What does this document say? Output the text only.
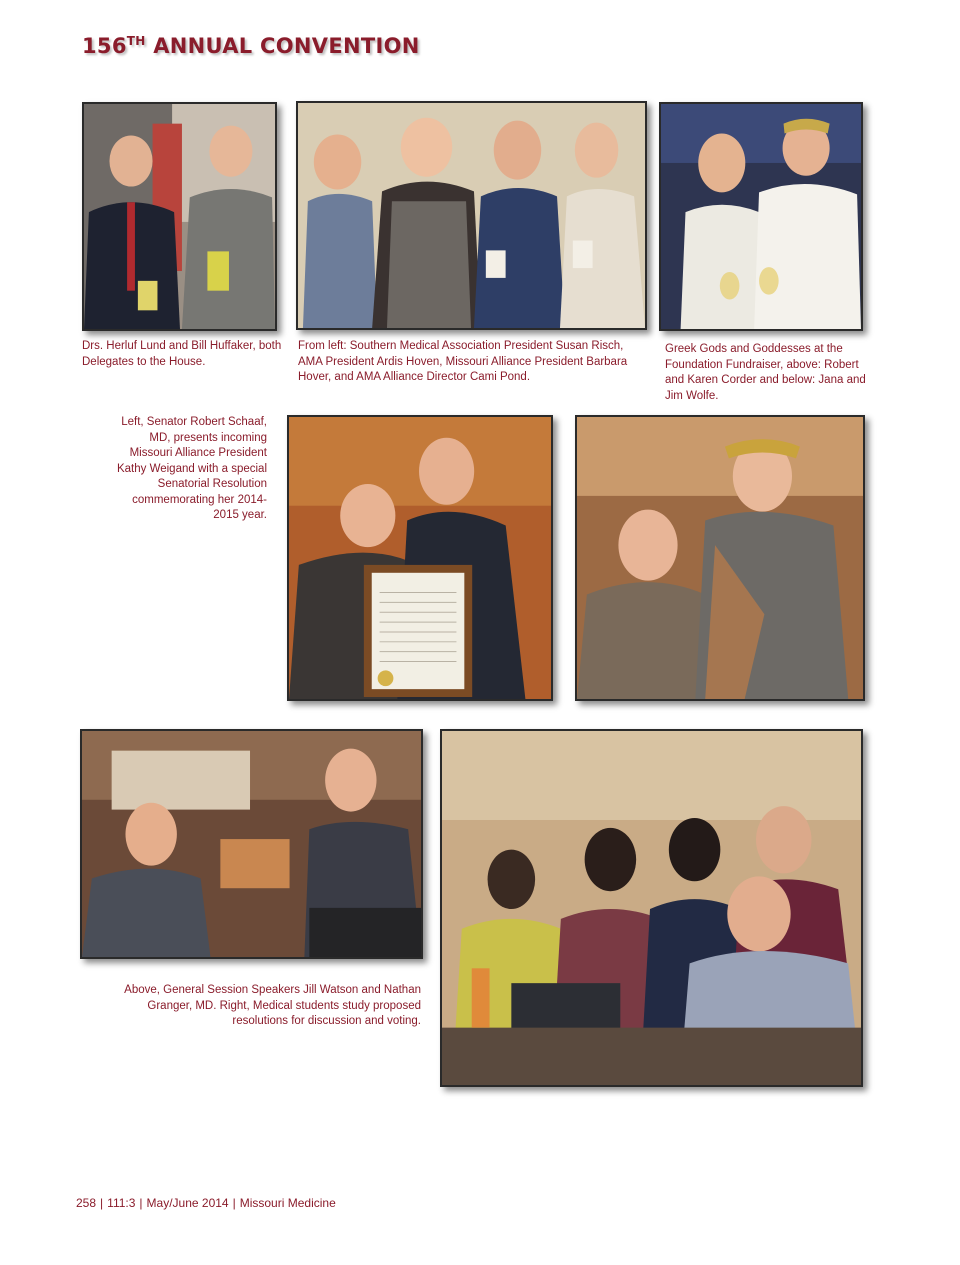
156TH ANNUAL CONVENTION

Drs. Herluf Lund and Bill Huffaker, both Delegates to the House.

From left: Southern Medical Association President Susan Risch, AMA President Ardis Hoven, Missouri Alliance President Barbara Hover, and AMA Alliance Director Cami Pond.

Greek Gods and Goddesses at the Foundation Fundraiser, above: Robert and Karen Corder and below: Jana and Jim Wolfe.

Left, Senator Robert Schaaf, MD, presents incoming Missouri Alliance President Kathy Weigand with a special Senatorial Resolution commemorating her 2014-2015 year.

Above, General Session Speakers Jill Watson and Nathan Granger, MD. Right, Medical students study proposed resolutions for discussion and voting.

258 | 111:3 | May/June 2014 | Missouri Medicine
